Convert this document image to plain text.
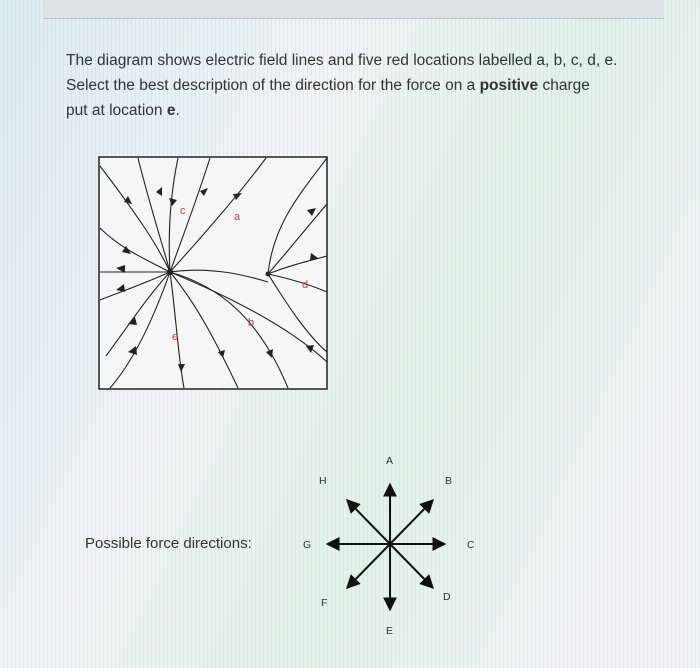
The diagram shows electric field lines and five red locations labelled a, b, c, d, e.
Select the best description of the direction for the force on a positive charge
put at location e.
a
b
c
d
e
Possible force directions:
A
B
C
D
E
F
G
H
